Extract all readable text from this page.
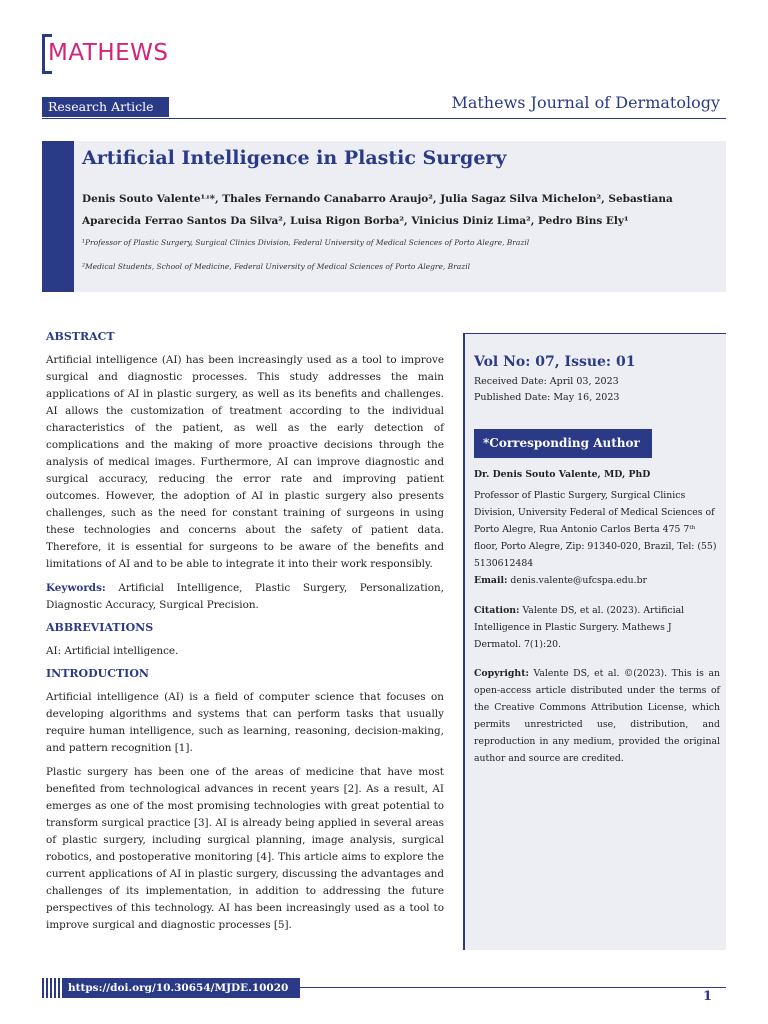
MATHEWS
Research Article	Mathews Journal of Dermatology
Artificial Intelligence in Plastic Surgery
Denis Souto Valente¹ʴ*, Thales Fernando Canabarro Araujo², Julia Sagaz Silva Michelon², Sebastiana
Aparecida Ferrao Santos Da Silva², Luisa Rigon Borba², Vinicius Diniz Lima², Pedro Bins Ely¹
¹Professor of Plastic Surgery, Surgical Clinics Division, Federal University of Medical Sciences of Porto Alegre, Brazil
²Medical Students, School of Medicine, Federal University of Medical Sciences of Porto Alegre, Brazil
ABSTRACT

Artificial intelligence (AI) has been increasingly used as a tool to improve surgical and diagnostic processes. This study addresses the main applications of AI in plastic surgery, as well as its benefits and challenges. AI allows the customization of treatment according to the individual characteristics of the patient, as well as the early detection of complications and the making of more proactive decisions through the analysis of medical images. Furthermore, AI can improve diagnostic and surgical accuracy, reducing the error rate and improving patient outcomes. However, the adoption of AI in plastic surgery also presents challenges, such as the need for constant training of surgeons in using these technologies and concerns about the safety of patient data. Therefore, it is essential for surgeons to be aware of the benefits and limitations of AI and to be able to integrate it into their work responsibly.

Keywords: Artificial Intelligence, Plastic Surgery, Personalization, Diagnostic Accuracy, Surgical Precision.

ABBREVIATIONS

AI: Artificial intelligence.

INTRODUCTION

Artificial intelligence (AI) is a field of computer science that focuses on developing algorithms and systems that can perform tasks that usually require human intelligence, such as learning, reasoning, decision-making, and pattern recognition [1].

Plastic surgery has been one of the areas of medicine that have most benefited from technological advances in recent years [2]. As a result, AI emerges as one of the most promising technologies with great potential to transform surgical practice [3]. AI is already being applied in several areas of plastic surgery, including surgical planning, image analysis, surgical robotics, and postoperative monitoring [4]. This article aims to explore the current applications of AI in plastic surgery, discussing the advantages and challenges of its implementation, in addition to addressing the future perspectives of this technology. AI has been increasingly used as a tool to improve surgical and diagnostic processes [5].

Vol No: 07, Issue: 01
Received Date: April 03, 2023
Published Date: May 16, 2023
*Corresponding Author
Dr. Denis Souto Valente, MD, PhD
Professor of Plastic Surgery, Surgical Clinics Division, University Federal of Medical Sciences of Porto Alegre, Rua Antonio Carlos Berta 475 7ᵗʰ floor, Porto Alegre, Zip: 91340-020, Brazil, Tel: (55) 5130612484
Email: denis.valente@ufcspa.edu.br
Citation: Valente DS, et al. (2023). Artificial Intelligence in Plastic Surgery. Mathews J Dermatol. 7(1):20.
Copyright: Valente DS, et al. ©(2023). This is an open-access article distributed under the terms of the Creative Commons Attribution License, which permits unrestricted use, distribution, and reproduction in any medium, provided the original author and source are credited.
https://doi.org/10.30654/MJDE.10020
1
